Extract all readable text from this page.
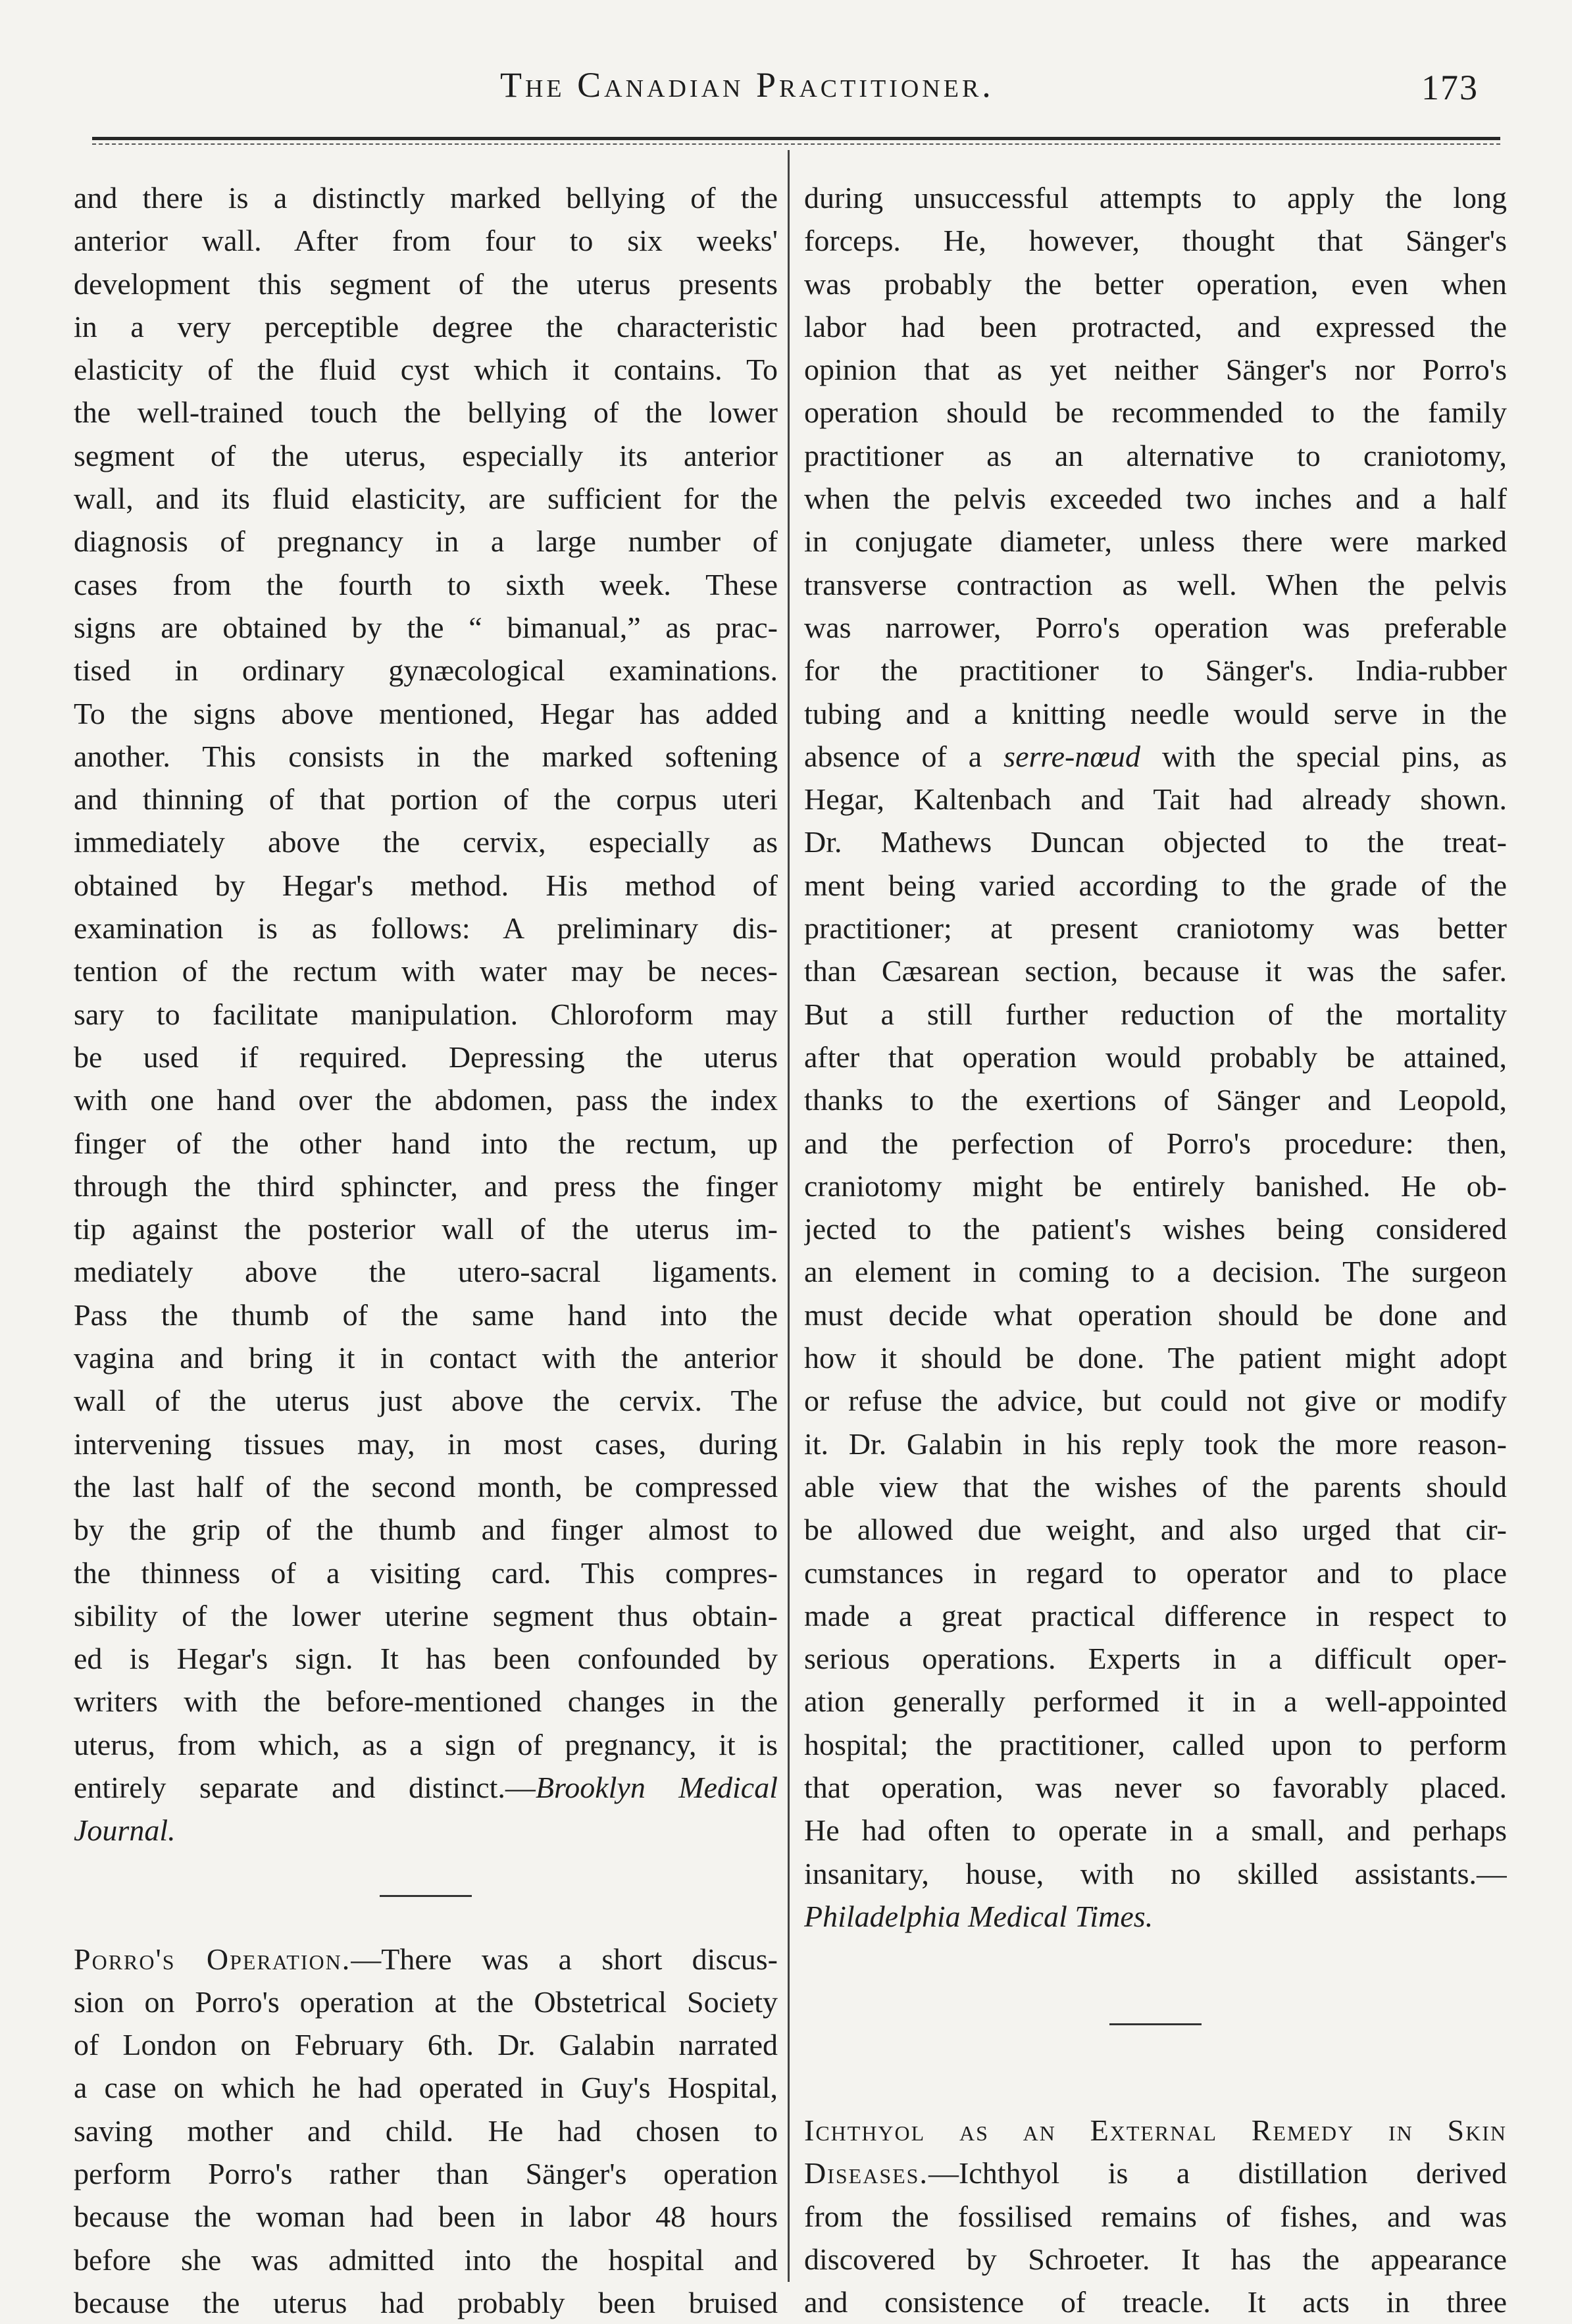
The Canadian Practitioner.	173
and there is a distinctly marked bellying of the
anterior wall. After from four to six weeks'
development this segment of the uterus presents
in a very perceptible degree the characteristic
elasticity of the fluid cyst which it contains. To
the well-trained touch the bellying of the lower
segment of the uterus, especially its anterior
wall, and its fluid elasticity, are sufficient for the
diagnosis of pregnancy in a large number of
cases from the fourth to sixth week. These
signs are obtained by the “ bimanual,” as prac-
tised in ordinary gynæcological examinations.
To the signs above mentioned, Hegar has added
another. This consists in the marked softening
and thinning of that portion of the corpus uteri
immediately above the cervix, especially as
obtained by Hegar's method. His method of
examination is as follows: A preliminary dis-
tention of the rectum with water may be neces-
sary to facilitate manipulation. Chloroform may
be used if required. Depressing the uterus
with one hand over the abdomen, pass the index
finger of the other hand into the rectum, up
through the third sphincter, and press the finger
tip against the posterior wall of the uterus im-
mediately above the utero-sacral ligaments.
Pass the thumb of the same hand into the
vagina and bring it in contact with the anterior
wall of the uterus just above the cervix. The
intervening tissues may, in most cases, during
the last half of the second month, be compressed
by the grip of the thumb and finger almost to
the thinness of a visiting card. This compres-
sibility of the lower uterine segment thus obtain-
ed is Hegar's sign. It has been confounded by
writers with the before-mentioned changes in the
uterus, from which, as a sign of pregnancy, it is
entirely separate and distinct.—Brooklyn Medical
Journal.
Porro's Operation.—There was a short discus-
sion on Porro's operation at the Obstetrical Society
of London on February 6th. Dr. Galabin narrated
a case on which he had operated in Guy's Hospital,
saving mother and child. He had chosen to
perform Porro's rather than Sänger's operation
because the woman had been in labor 48 hours
before she was admitted into the hospital and
because the uterus had probably been bruised
during unsuccessful attempts to apply the long
forceps. He, however, thought that Sänger's
was probably the better operation, even when
labor had been protracted, and expressed the
opinion that as yet neither Sänger's nor Porro's
operation should be recommended to the family
practitioner as an alternative to craniotomy,
when the pelvis exceeded two inches and a half
in conjugate diameter, unless there were marked
transverse contraction as well. When the pelvis
was narrower, Porro's operation was preferable
for the practitioner to Sänger's. India-rubber
tubing and a knitting needle would serve in the
absence of a serre-nœud with the special pins, as
Hegar, Kaltenbach and Tait had already shown.
Dr. Mathews Duncan objected to the treat-
ment being varied according to the grade of the
practitioner; at present craniotomy was better
than Cæsarean section, because it was the safer.
But a still further reduction of the mortality
after that operation would probably be attained,
thanks to the exertions of Sänger and Leopold,
and the perfection of Porro's procedure: then,
craniotomy might be entirely banished. He ob-
jected to the patient's wishes being considered
an element in coming to a decision. The surgeon
must decide what operation should be done and
how it should be done. The patient might adopt
or refuse the advice, but could not give or modify
it. Dr. Galabin in his reply took the more reason-
able view that the wishes of the parents should
be allowed due weight, and also urged that cir-
cumstances in regard to operator and to place
made a great practical difference in respect to
serious operations. Experts in a difficult oper-
ation generally performed it in a well-appointed
hospital; the practitioner, called upon to perform
that operation, was never so favorably placed.
He had often to operate in a small, and perhaps
insanitary, house, with no skilled assistants.—
Philadelphia Medical Times.
Ichthyol as an External Remedy in Skin
Diseases.—Ichthyol is a distillation derived
from the fossilised remains of fishes, and was
discovered by Schroeter. It has the appearance
and consistence of treacle. It acts in three
